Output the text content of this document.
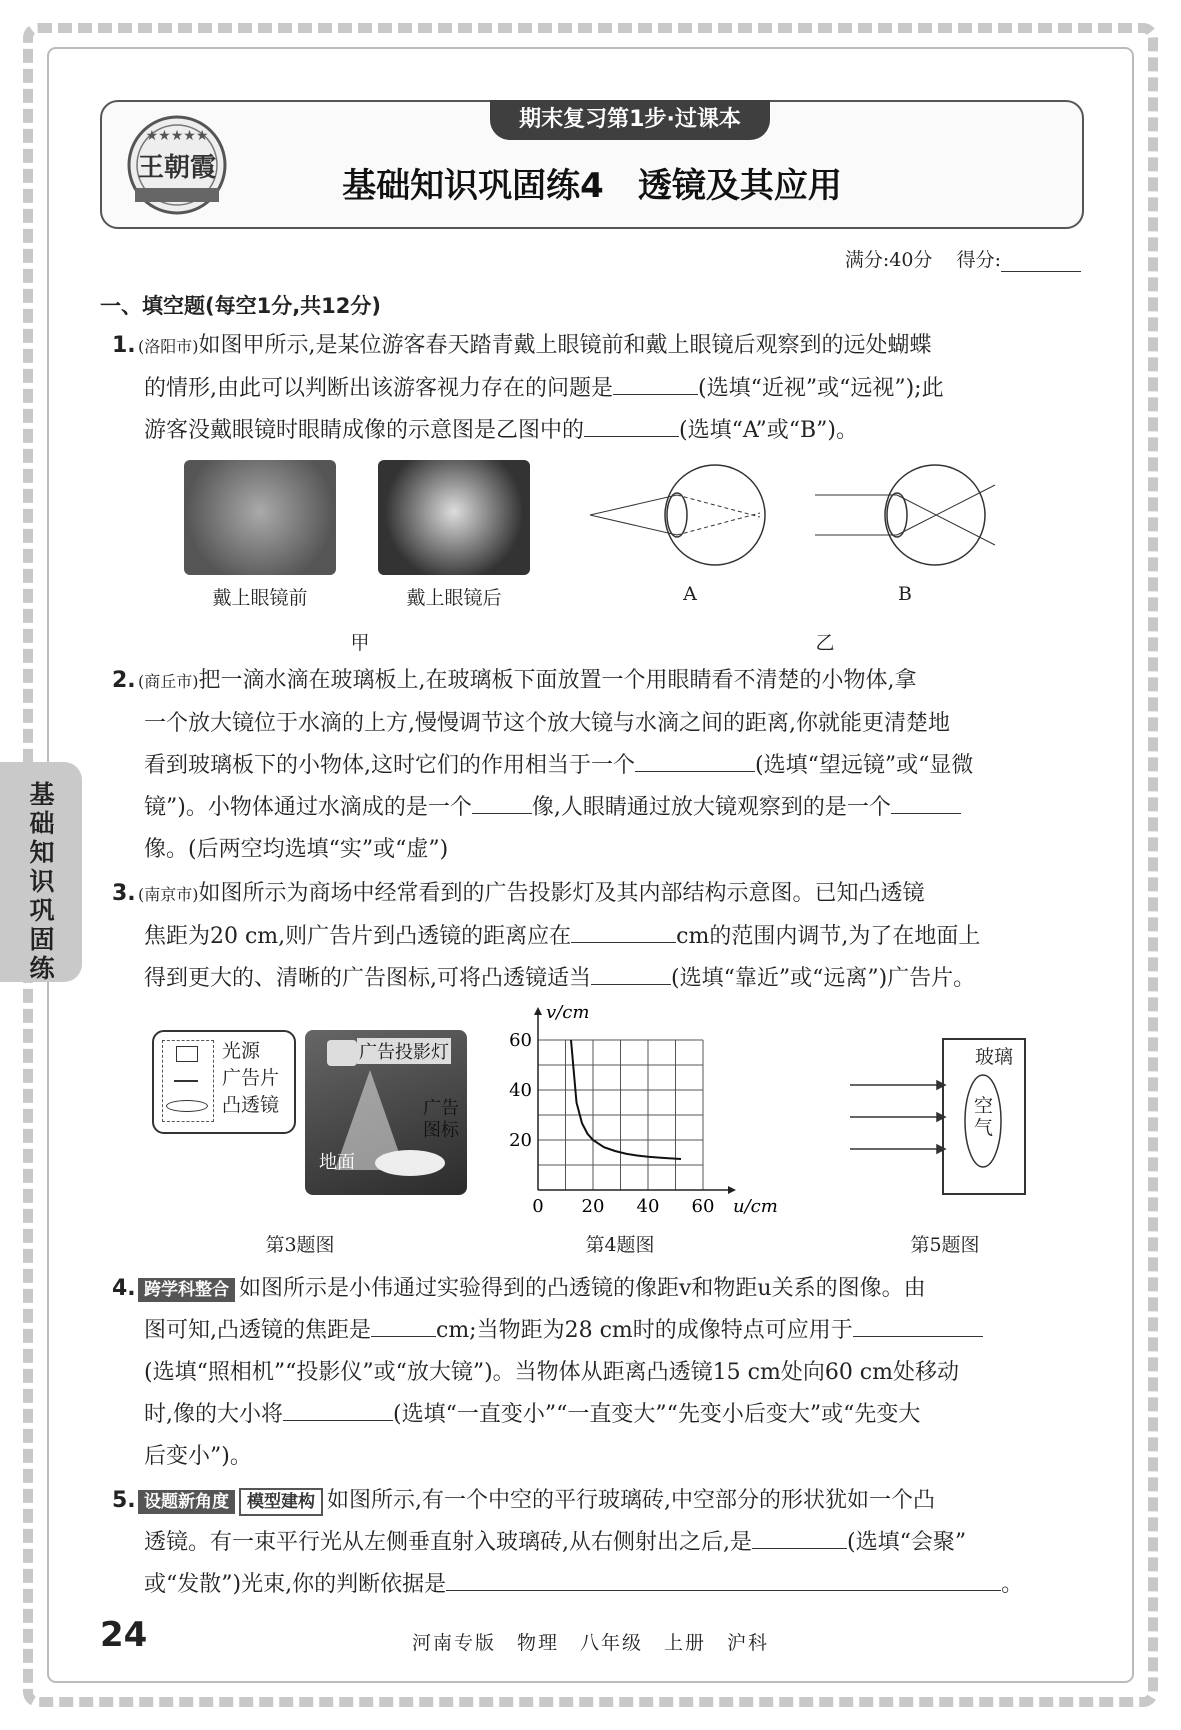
★★★★★
王朝霞
期末复习第1步·过课本
基础知识巩固练4　透镜及其应用
满分:40分 得分:
基础知识巩固练
一、填空题(每空1分,共12分)

1. (洛阳市)如图甲所示,是某位游客春天踏青戴上眼镜前和戴上眼镜后观察到的远处蝴蝶

的情形,由此可以判断出该游客视力存在的问题是	(选填“近视”或“远视”);此

游客没戴眼镜时眼睛成像的示意图是乙图中的	(选填“A”或“B”)。

戴上眼镜前	戴上眼镜后
甲
A	B
乙

2. (商丘市)把一滴水滴在玻璃板上,在玻璃板下面放置一个用眼睛看不清楚的小物体,拿

一个放大镜位于水滴的上方,慢慢调节这个放大镜与水滴之间的距离,你就能更清楚地

看到玻璃板下的小物体,这时它们的作用相当于一个	(选填“望远镜”或“显微

镜”)。小物体通过水滴成的是一个	像,人眼睛通过放大镜观察到的是一个

像。(后两空均选填“实”或“虚”)

3. (南京市)如图所示为商场中经常看到的广告投影灯及其内部结构示意图。已知凸透镜

焦距为20 cm,则广告片到凸透镜的距离应在	cm的范围内调节,为了在地面上

得到更大的、清晰的广告图标,可将凸透镜适当	(选填“靠近”或“远离”)广告片。

光源
广告片
凸透镜
广告投影灯
广告图标
地面
第3题图
0 20 40 60
20
40
60
u/cm
v/cm
第4题图
玻璃
空气
第5题图

4. 跨学科整合 如图所示是小伟通过实验得到的凸透镜的像距v和物距u关系的图像。由

图可知,凸透镜的焦距是	cm;当物距为28 cm时的成像特点可应用于

(选填“照相机”“投影仪”或“放大镜”)。当物体从距离凸透镜15 cm处向60 cm处移动

时,像的大小将	(选填“一直变小”“一直变大”“先变小后变大”或“先变大

后变小”)。

5. 设题新角度 模型建构 如图所示,有一个中空的平行玻璃砖,中空部分的形状犹如一个凸

透镜。有一束平行光从左侧垂直射入玻璃砖,从右侧射出之后,是	(选填“会聚”

或“发散”)光束,你的判断依据是	。

24	河南专版　物理　八年级　上册　沪科
